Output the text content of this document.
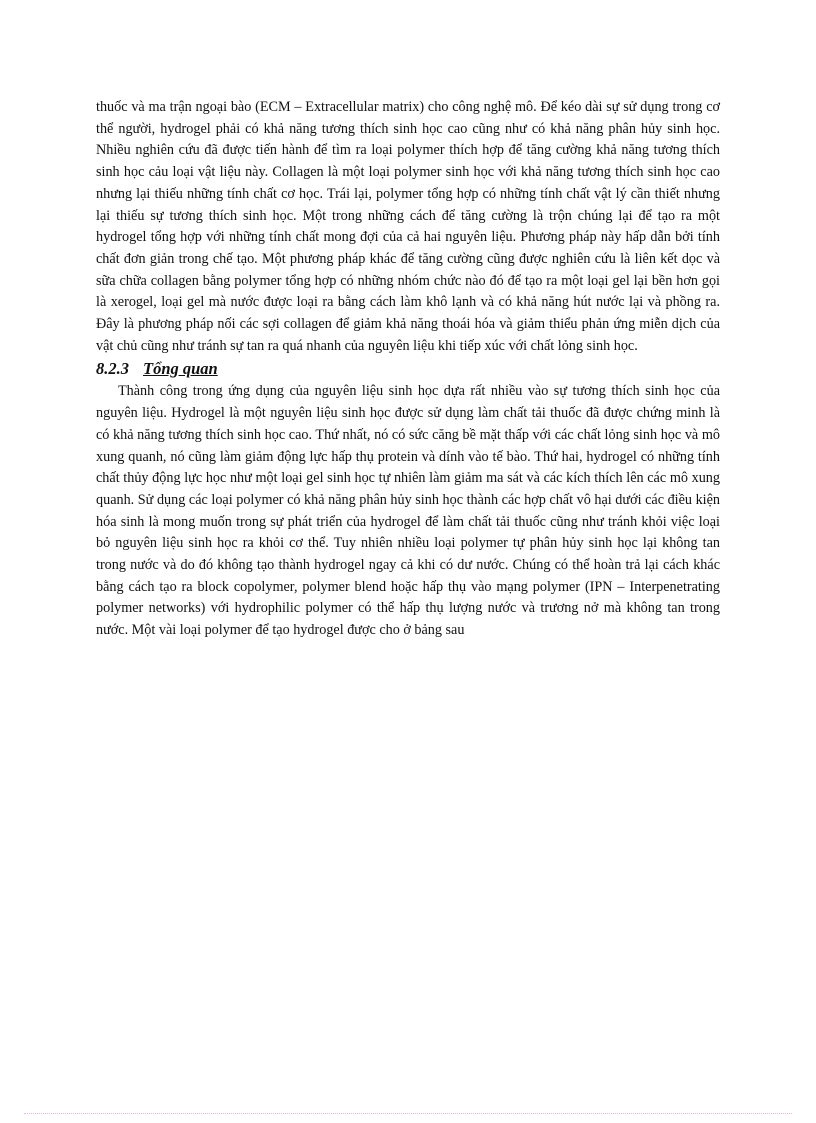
thuốc và ma trận ngoại bào (ECM – Extracellular matrix) cho công nghệ mô. Để kéo dài sự sử dụng trong cơ thể người, hydrogel phải có khả năng tương thích sinh học cao cũng như có khả năng phân hủy sinh học. Nhiều nghiên cứu đã được tiến hành để tìm ra loại polymer thích hợp để tăng cường khả năng tương thích sinh học cảu loại vật liệu này. Collagen là một loại polymer sinh học với khả năng tương thích sinh học cao nhưng lại thiếu những tính chất cơ học. Trái lại, polymer tổng hợp có những tính chất vật lý cần thiết nhưng lại thiếu sự tương thích sinh học. Một trong những cách để tăng cường là trộn chúng lại để tạo ra một hydrogel tổng hợp với những tính chất mong đợi của cả hai nguyên liệu. Phương pháp này hấp dẫn bởi tính chất đơn giản trong chế tạo. Một phương pháp khác để tăng cường cũng được nghiên cứu là liên kết dọc và sữa chữa collagen bằng polymer tổng hợp có những nhóm chức nào đó để tạo ra một loại gel lại bền hơn gọi là xerogel, loại gel mà nước được loại ra bằng cách làm khô lạnh và có khả năng hút nước lại và phồng ra. Đây là phương pháp nối các sợi collagen để giảm khả năng thoái hóa và giảm thiểu phản ứng miễn dịch của vật chủ cũng như tránh sự tan ra quá nhanh của nguyên liệu khi tiếp xúc với chất lỏng sinh học.

8.2.3 Tổng quan

Thành công trong ứng dụng của nguyên liệu sinh học dựa rất nhiều vào sự tương thích sinh học của nguyên liệu. Hydrogel là một nguyên liệu sinh học được sử dụng làm chất tải thuốc đã được chứng minh là có khả năng tương thích sinh học cao. Thứ nhất, nó có sức căng bề mặt thấp với các chất lỏng sinh học và mô xung quanh, nó cũng làm giảm động lực hấp thụ protein và dính vào tế bào. Thứ hai, hydrogel có những tính chất thủy động lực học như một loại gel sinh học tự nhiên làm giảm ma sát và các kích thích lên các mô xung quanh. Sử dụng các loại polymer có khả năng phân hủy sinh học thành các hợp chất vô hại dưới các điều kiện hóa sinh là mong muốn trong sự phát triển của hydrogel để làm chất tải thuốc cũng như tránh khỏi việc loại bỏ nguyên liệu sinh học ra khỏi cơ thể. Tuy nhiên nhiều loại polymer tự phân hủy sinh học lại không tan trong nước và do đó không tạo thành hydrogel ngay cả khi có dư nước. Chúng có thể hoàn trả lại cách khác bằng cách tạo ra block copolymer, polymer blend hoặc hấp thụ vào mạng polymer (IPN – Interpenetrating polymer networks) với hydrophilic polymer có thể hấp thụ lượng nước và trương nở mà không tan trong nước. Một vài loại polymer để tạo hydrogel được cho ở bảng sau
